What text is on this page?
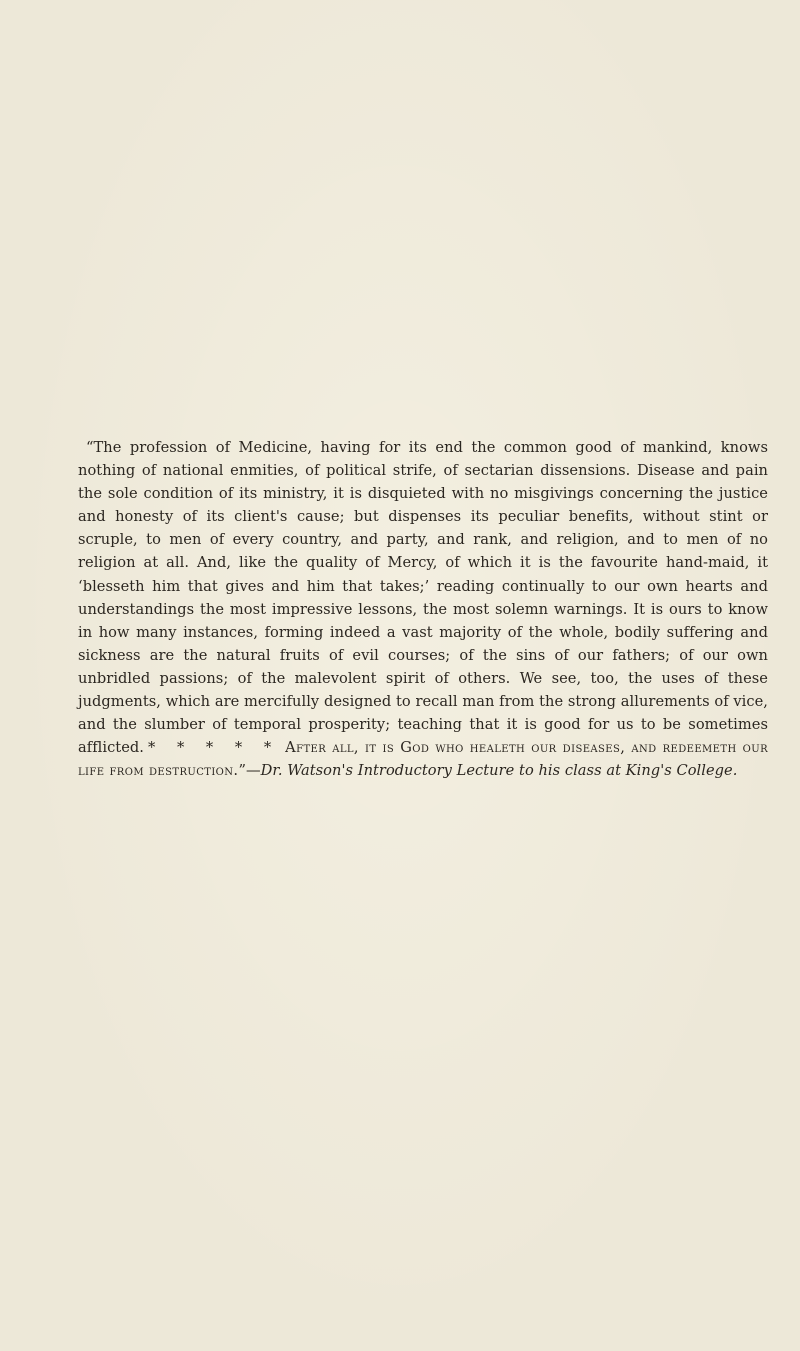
“The profession of Medicine, having for its end the common good of mankind, knows nothing of national enmities, of political strife, of sectarian dissensions. Disease and pain the sole condition of its ministry, it is disquieted with no misgivings concerning the justice and honesty of its client's cause; but dispenses its peculiar benefits, without stint or scruple, to men of every country, and party, and rank, and religion, and to men of no religion at all. And, like the quality of Mercy, of which it is the favourite hand-maid, it ‘blesseth him that gives and him that takes;’ reading continually to our own hearts and understandings the most impressive lessons, the most solemn warnings. It is ours to know in how many instances, forming indeed a vast majority of the whole, bodily suffering and sickness are the natural fruits of evil courses; of the sins of our fathers; of our own unbridled passions; of the malevolent spirit of others. We see, too, the uses of these judgments, which are mercifully designed to recall man from the strong allurements of vice, and the slumber of temporal prosperity; teaching that it is good for us to be sometimes afflicted. * * * * * After all, it is God who healeth our diseases, and redeemeth our life from destruction.”—Dr. Watson's Introductory Lecture to his class at King's College.
